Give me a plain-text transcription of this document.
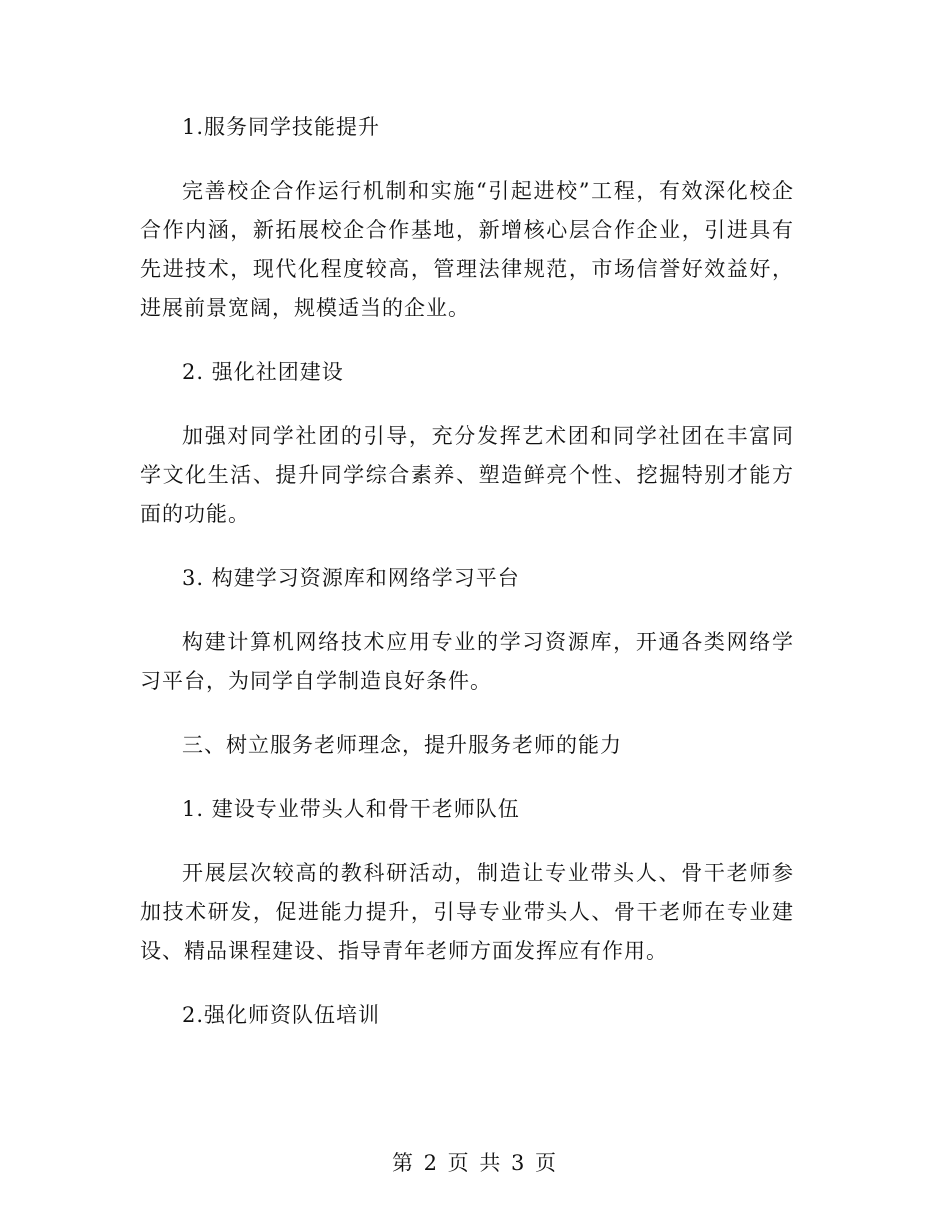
1.服务同学技能提升

完善校企合作运行机制和实施“引起进校”工程，有效深化校企合作内涵，新拓展校企合作基地，新增核心层合作企业，引进具有先进技术，现代化程度较高，管理法律规范，市场信誉好效益好，进展前景宽阔，规模适当的企业。

2. 强化社团建设

加强对同学社团的引导，充分发挥艺术团和同学社团在丰富同学文化生活、提升同学综合素养、塑造鲜亮个性、挖掘特别才能方面的功能。

3. 构建学习资源库和网络学习平台

构建计算机网络技术应用专业的学习资源库，开通各类网络学习平台，为同学自学制造良好条件。

三、树立服务老师理念，提升服务老师的能力

1. 建设专业带头人和骨干老师队伍

开展层次较高的教科研活动，制造让专业带头人、骨干老师参加技术研发，促进能力提升，引导专业带头人、骨干老师在专业建设、精品课程建设、指导青年老师方面发挥应有作用。

2.强化师资队伍培训

第 2 页 共 3 页
